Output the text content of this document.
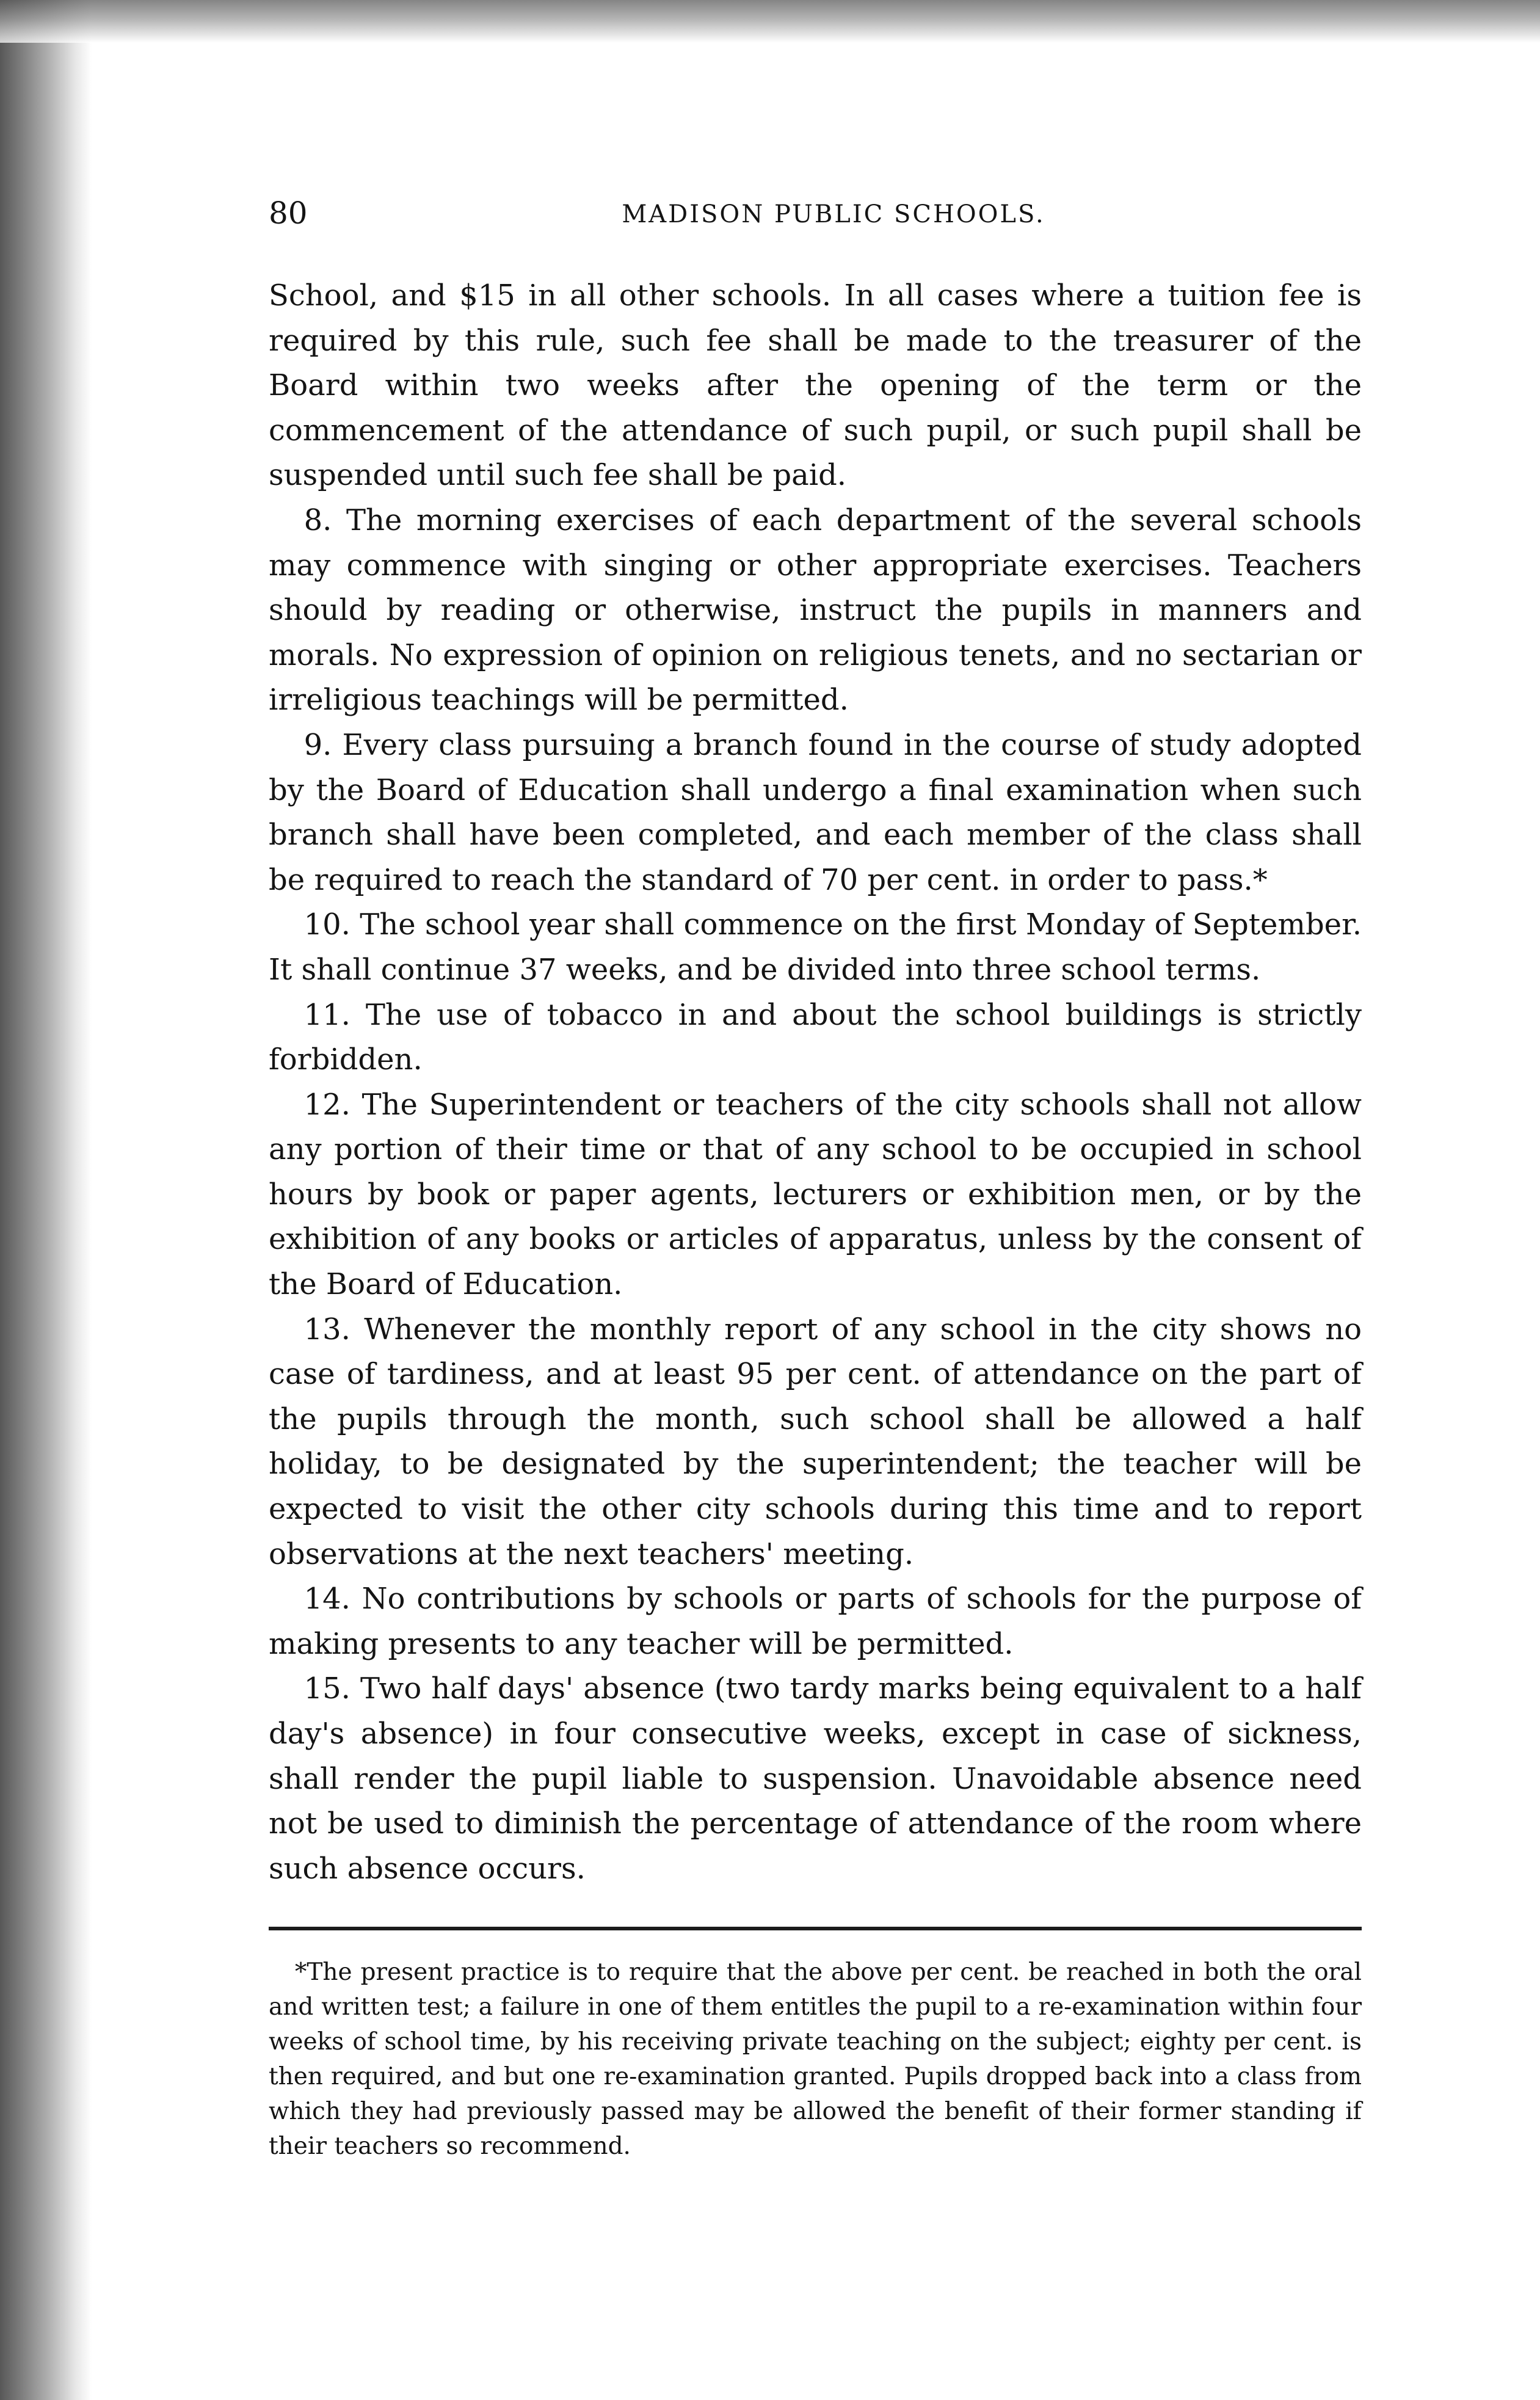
80	MADISON PUBLIC SCHOOLS.

School, and $15 in all other schools. In all cases where a tuition fee is required by this rule, such fee shall be made to the treasurer of the Board within two weeks after the opening of the term or the commencement of the attendance of such pupil, or such pupil shall be suspended until such fee shall be paid.

8. The morning exercises of each department of the several schools may commence with singing or other appropriate exercises. Teachers should by reading or otherwise, instruct the pupils in manners and morals. No expression of opinion on religious tenets, and no sectarian or irreligious teachings will be permitted.

9. Every class pursuing a branch found in the course of study adopted by the Board of Education shall undergo a final examination when such branch shall have been completed, and each member of the class shall be required to reach the standard of 70 per cent. in order to pass.*

10. The school year shall commence on the first Monday of September. It shall continue 37 weeks, and be divided into three school terms.

11. The use of tobacco in and about the school buildings is strictly forbidden.

12. The Superintendent or teachers of the city schools shall not allow any portion of their time or that of any school to be occupied in school hours by book or paper agents, lecturers or exhibition men, or by the exhibition of any books or articles of apparatus, unless by the consent of the Board of Education.

13. Whenever the monthly report of any school in the city shows no case of tardiness, and at least 95 per cent. of attendance on the part of the pupils through the month, such school shall be allowed a half holiday, to be designated by the superintendent; the teacher will be expected to visit the other city schools during this time and to report observations at the next teachers' meeting.

14. No contributions by schools or parts of schools for the purpose of making presents to any teacher will be permitted.

15. Two half days' absence (two tardy marks being equivalent to a half day's absence) in four consecutive weeks, except in case of sickness, shall render the pupil liable to suspension. Unavoidable absence need not be used to diminish the percentage of attendance of the room where such absence occurs.

*The present practice is to require that the above per cent. be reached in both the oral and written test; a failure in one of them entitles the pupil to a re-examination within four weeks of school time, by his receiving private teaching on the subject; eighty per cent. is then required, and but one re-examination granted. Pupils dropped back into a class from which they had previously passed may be allowed the benefit of their former standing if their teachers so recommend.
